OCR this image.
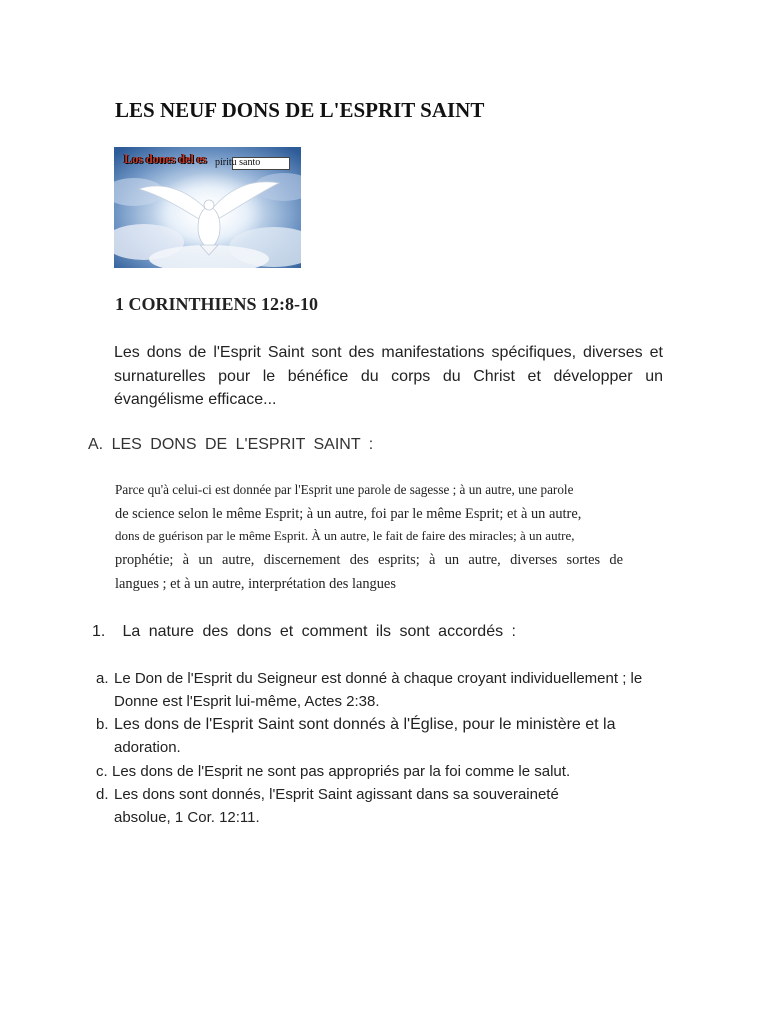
LES NEUF DONS DE L'ESPRIT SAINT
Los dones del es píritu santo
1 CORINTHIENS 12:8-10
Les dons de l'Esprit Saint sont des manifestations spécifiques, diverses et surnaturelles pour le bénéfice du corps du Christ et développer un évangélisme efficace...
A. LES DONS DE L'ESPRIT SAINT :
Parce qu'à celui-ci est donnée par l'Esprit une parole de sagesse ; à un autre, une parole
de science selon le même Esprit; à un autre, foi par le même Esprit; et à un autre,
dons de guérison par le même Esprit. À un autre, le fait de faire des miracles; à un autre,
prophétie; à un autre, discernement des esprits; à un autre, diverses sortes de
langues ; et à un autre, interprétation des langues
1. La nature des dons et comment ils sont accordés :
a. Le Don de l'Esprit du Seigneur est donné à chaque croyant individuellement ; le
Donne est l'Esprit lui-même, Actes 2:38.
b. Les dons de l'Esprit Saint sont donnés à l'Église, pour le ministère et la
adoration.
c. Les dons de l'Esprit ne sont pas appropriés par la foi comme le salut.
d. Les dons sont donnés, l'Esprit Saint agissant dans sa souveraineté
absolue, 1 Cor. 12:11.
